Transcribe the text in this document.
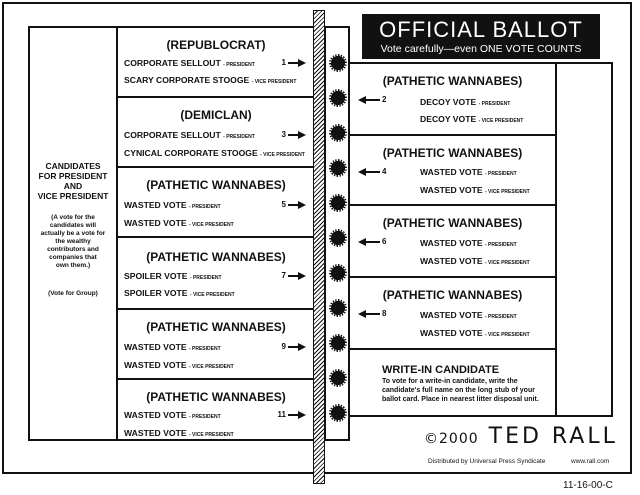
CANDIDATES
FOR PRESIDENT
AND
VICE PRESIDENT
(A vote for the
candidates will
actually be a vote for
the wealthy
contributors and
companies that
own them.)
(Vote for Group)
(REPUBLOCRAT)
CORPORATE SELLOUT - PRESIDENT	1
SCARY CORPORATE STOOGE - VICE PRESIDENT
(DEMICLAN)
CORPORATE SELLOUT - PRESIDENT	3
CYNICAL CORPORATE STOOGE - VICE PRESIDENT
(PATHETIC WANNABES)
WASTED VOTE - PRESIDENT	5
WASTED VOTE - VICE PRESIDENT
(PATHETIC WANNABES)
SPOILER VOTE - PRESIDENT	7
SPOILER VOTE - VICE PRESIDENT
(PATHETIC WANNABES)
WASTED VOTE - PRESIDENT	9
WASTED VOTE - VICE PRESIDENT
(PATHETIC WANNABES)
WASTED VOTE - PRESIDENT	11
WASTED VOTE - VICE PRESIDENT
OFFICIAL BALLOT
Vote carefully—even ONE VOTE COUNTS
(PATHETIC WANNABES)
2	DECOY VOTE - PRESIDENT
DECOY VOTE - VICE PRESIDENT
(PATHETIC WANNABES)
4	WASTED VOTE - PRESIDENT
WASTED VOTE - VICE PRESIDENT
(PATHETIC WANNABES)
6	WASTED VOTE - PRESIDENT
WASTED VOTE - VICE PRESIDENT
(PATHETIC WANNABES)
8	WASTED VOTE - PRESIDENT
WASTED VOTE - VICE PRESIDENT
WRITE-IN CANDIDATE
To vote for a write-in candidate, write the candidate's full name on the long stub of your ballot card. Place in nearest litter disposal unit.
©2000 TED RALL
Distributed by Universal Press Syndicate	www.rall.com
11-16-00-C
